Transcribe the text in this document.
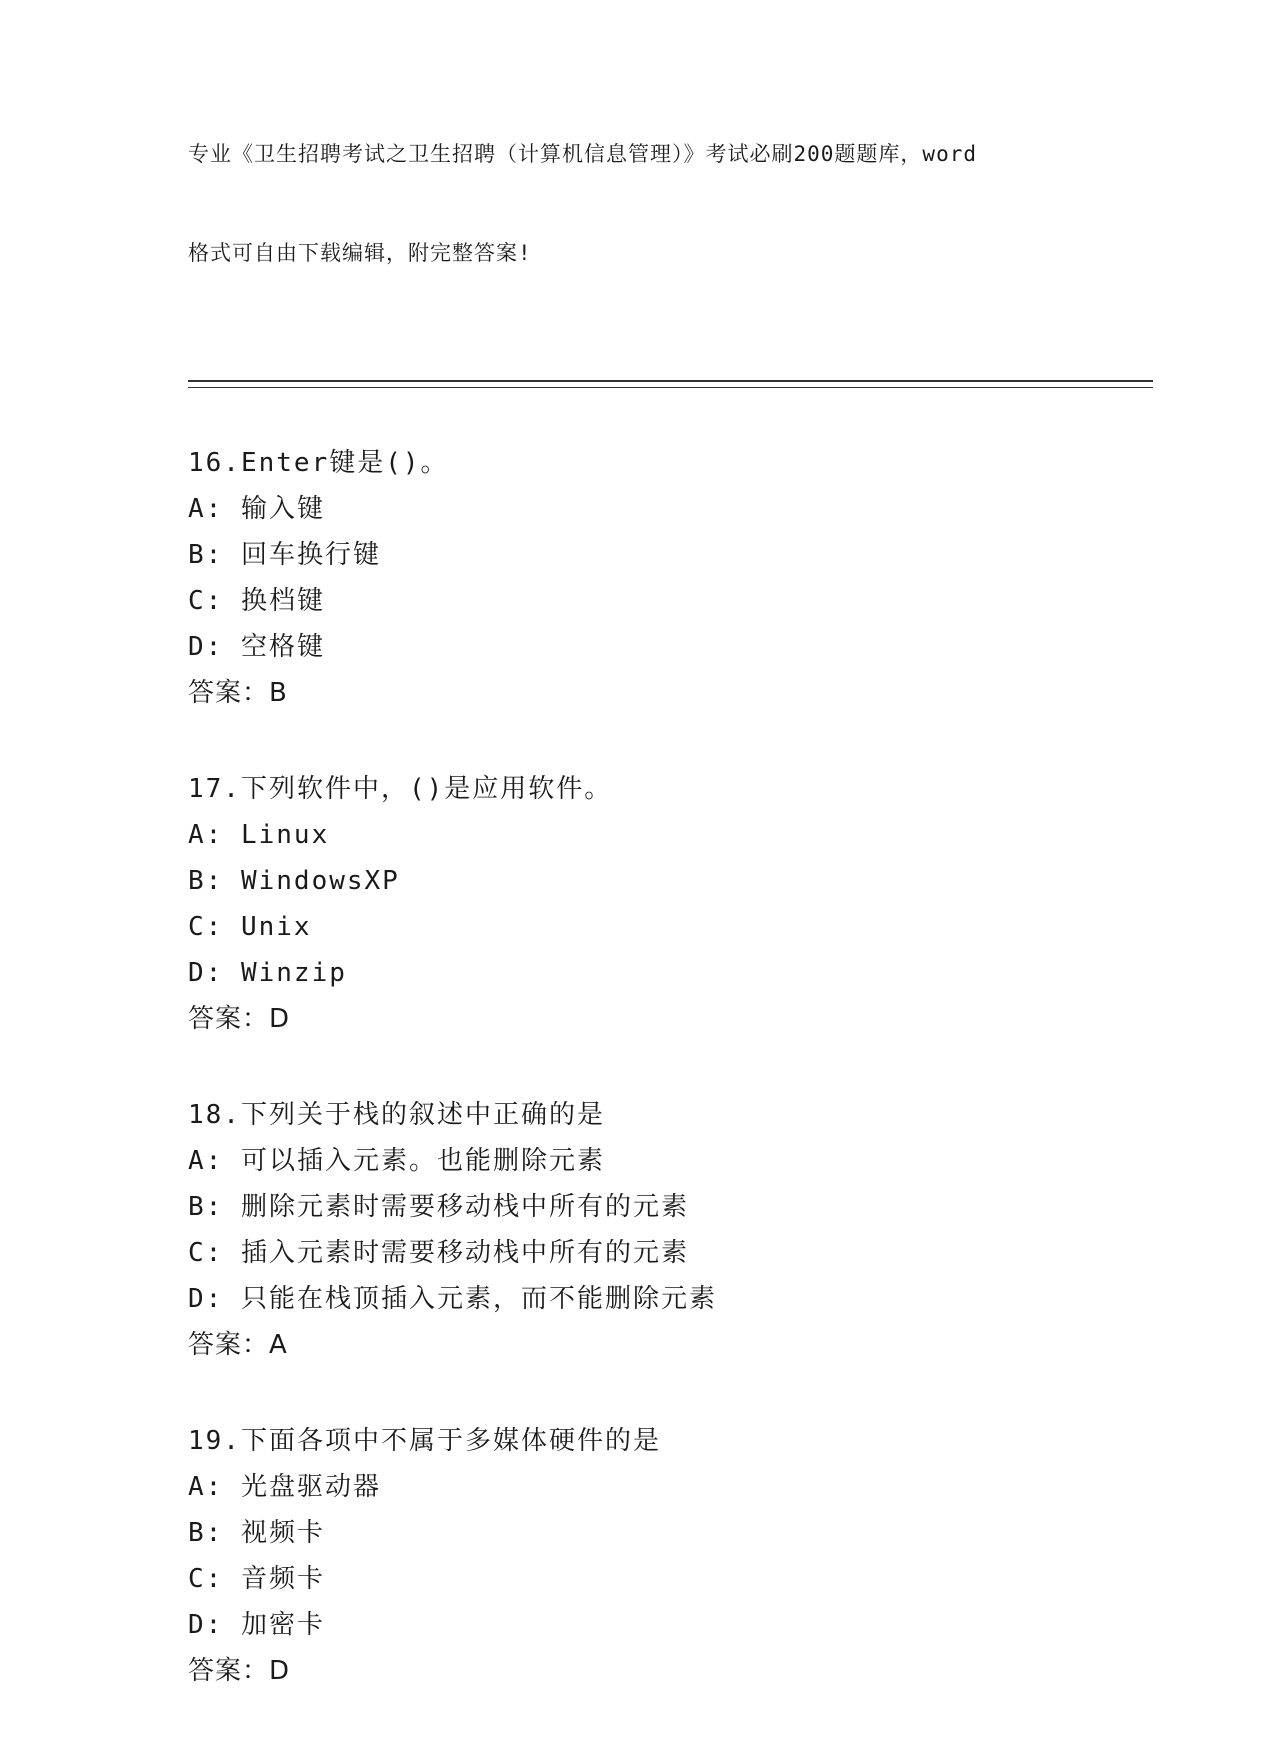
专业《卫生招聘考试之卫生招聘（计算机信息管理）》考试必刷200题题库，word

格式可自由下载编辑，附完整答案!

16.Enter键是()。
A: 输入键
B: 回车换行键
C: 换档键
D: 空格键
答案：B
17.下列软件中，()是应用软件。
A: Linux
B: WindowsXP
C: Unix
D: Winzip
答案：D
18.下列关于栈的叙述中正确的是
A: 可以插入元素。也能删除元素
B: 删除元素时需要移动栈中所有的元素
C: 插入元素时需要移动栈中所有的元素
D: 只能在栈顶插入元素，而不能删除元素
答案：A
19.下面各项中不属于多媒体硬件的是
A: 光盘驱动器
B: 视频卡
C: 音频卡
D: 加密卡
答案：D
